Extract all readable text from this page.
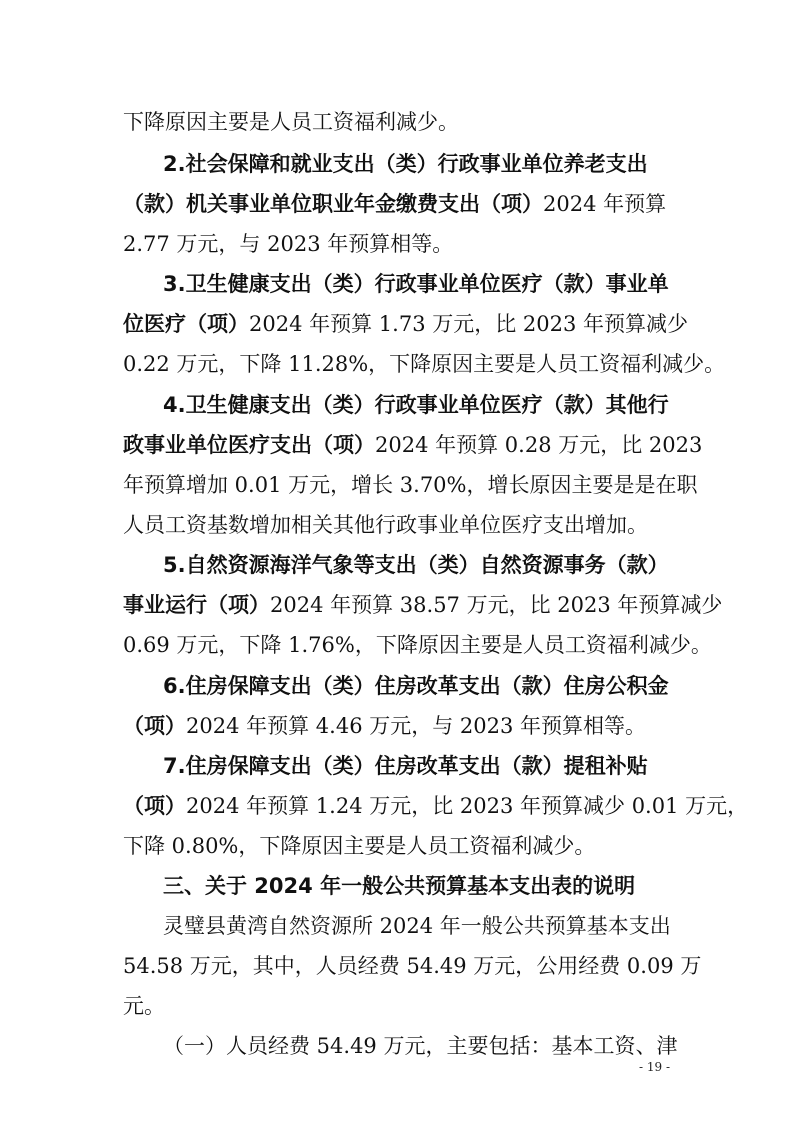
下降原因主要是人员工资福利减少。
2.社会保障和就业支出（类）行政事业单位养老支出
（款）机关事业单位职业年金缴费支出（项）2024 年预算
2.77 万元，与 2023 年预算相等。
3.卫生健康支出（类）行政事业单位医疗（款）事业单
位医疗（项）2024 年预算 1.73 万元，比 2023 年预算减少
0.22 万元，下降 11.28%，下降原因主要是人员工资福利减少。
4.卫生健康支出（类）行政事业单位医疗（款）其他行
政事业单位医疗支出（项）2024 年预算 0.28 万元，比 2023
年预算增加 0.01 万元，增长 3.70%，增长原因主要是是在职
人员工资基数增加相关其他行政事业单位医疗支出增加。
5.自然资源海洋气象等支出（类）自然资源事务（款）
事业运行（项）2024 年预算 38.57 万元，比 2023 年预算减少
0.69 万元，下降 1.76%，下降原因主要是人员工资福利减少。
6.住房保障支出（类）住房改革支出（款）住房公积金
（项）2024 年预算 4.46 万元，与 2023 年预算相等。
7.住房保障支出（类）住房改革支出（款）提租补贴
（项）2024 年预算 1.24 万元，比 2023 年预算减少 0.01 万元，
下降 0.80%，下降原因主要是人员工资福利减少。
三、关于 2024 年一般公共预算基本支出表的说明
灵璧县黄湾自然资源所 2024 年一般公共预算基本支出
54.58 万元，其中，人员经费 54.49 万元，公用经费 0.09 万
元。
（一）人员经费 54.49 万元，主要包括：基本工资、津
- 19 -
